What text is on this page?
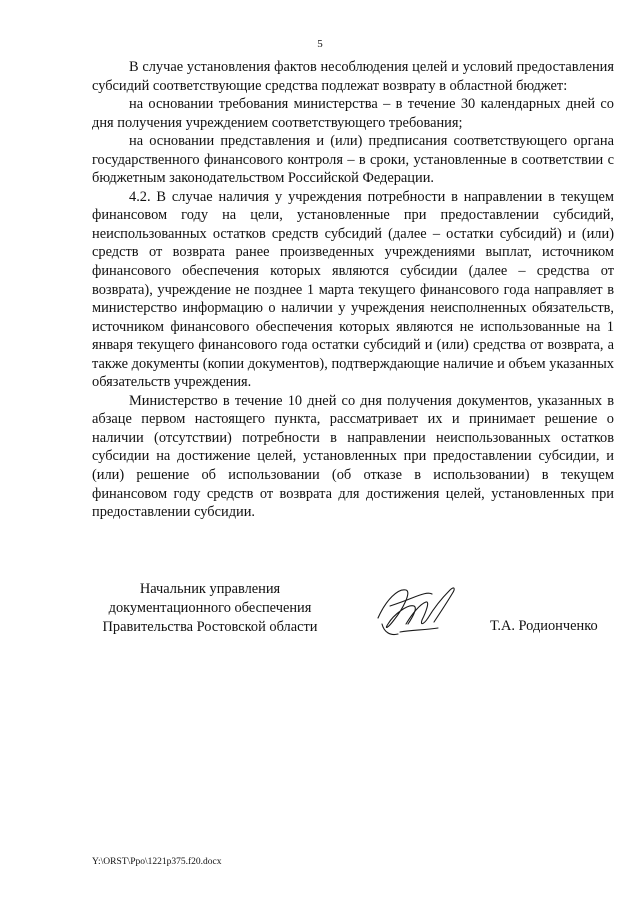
5

В случае установления фактов несоблюдения целей и условий предоставления субсидий соответствующие средства подлежат возврату в областной бюджет:

на основании требования министерства – в течение 30 календарных дней со дня получения учреждением соответствующего требования;

на основании представления и (или) предписания соответствующего органа государственного финансового контроля – в сроки, установленные в соответствии с бюджетным законодательством Российской Федерации.

4.2. В случае наличия у учреждения потребности в направлении в текущем финансовом году на цели, установленные при предоставлении субсидий, неиспользованных остатков средств субсидий (далее – остатки субсидий) и (или) средств от возврата ранее произведенных учреждениями выплат, источником финансового обеспечения которых являются субсидии (далее – средства от возврата), учреждение не позднее 1 марта текущего финансового года направляет в министерство информацию о наличии у учреждения неисполненных обязательств, источником финансового обеспечения которых являются не использованные на 1 января текущего финансового года остатки субсидий и (или) средства от возврата, а также документы (копии документов), подтверждающие наличие и объем указанных обязательств учреждения.

Министерство в течение 10 дней со дня получения документов, указанных в абзаце первом настоящего пункта, рассматривает их и принимает решение о наличии (отсутствии) потребности в направлении неиспользованных остатков субсидии на достижение целей, установленных при предоставлении субсидии, и (или) решение об использовании (об отказе в использовании) в текущем финансовом году средств от возврата для достижения целей, установленных при предоставлении субсидии.

Начальник управления
документационного обеспечения
Правительства Ростовской области	Т.А. Родионченко
Y:\ORST\Ppo\1221p375.f20.docx
